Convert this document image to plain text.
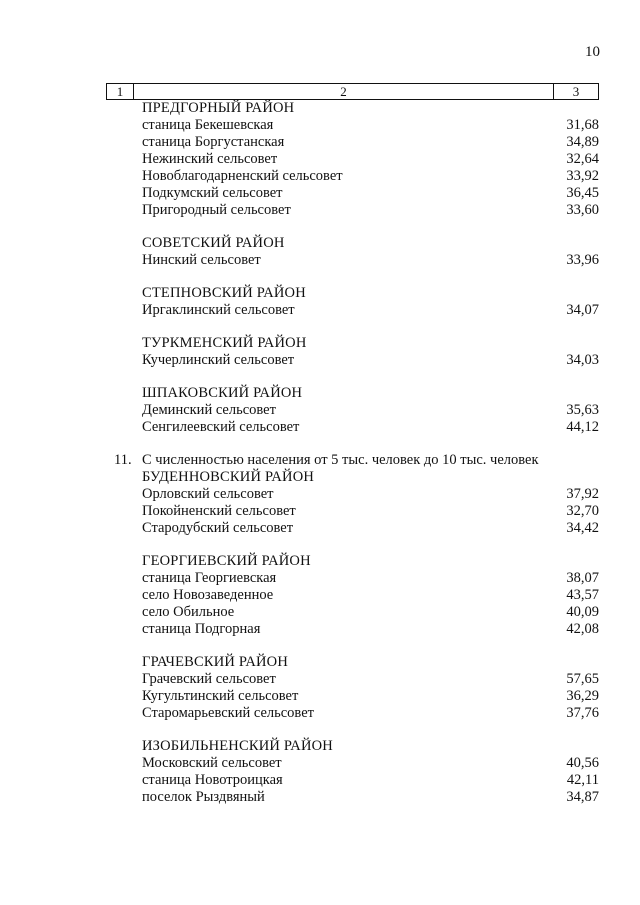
10
1	2	3
ПРЕДГОРНЫЙ РАЙОН
станица Бекешевская	31,68
станица Боргустанская	34,89
Нежинский сельсовет	32,64
Новоблагодарненский сельсовет	33,92
Подкумский сельсовет	36,45
Пригородный сельсовет	33,60
СОВЕТСКИЙ РАЙОН
Нинский сельсовет	33,96
СТЕПНОВСКИЙ РАЙОН
Иргаклинский сельсовет	34,07
ТУРКМЕНСКИЙ РАЙОН
Кучерлинский сельсовет	34,03
ШПАКОВСКИЙ РАЙОН
Деминский сельсовет	35,63
Сенгилеевский сельсовет	44,12
11. С численностью населения от 5 тыс. человек до 10 тыс. человек
БУДЕННОВСКИЙ РАЙОН
Орловский сельсовет	37,92
Покойненский сельсовет	32,70
Стародубский сельсовет	34,42
ГЕОРГИЕВСКИЙ РАЙОН
станица Георгиевская	38,07
село Новозаведенное	43,57
село Обильное	40,09
станица Подгорная	42,08
ГРАЧЕВСКИЙ РАЙОН
Грачевский сельсовет	57,65
Кугультинский сельсовет	36,29
Старомарьевский сельсовет	37,76
ИЗОБИЛЬНЕНСКИЙ РАЙОН
Московский сельсовет	40,56
станица Новотроицкая	42,11
поселок Рыздвяный	34,87
